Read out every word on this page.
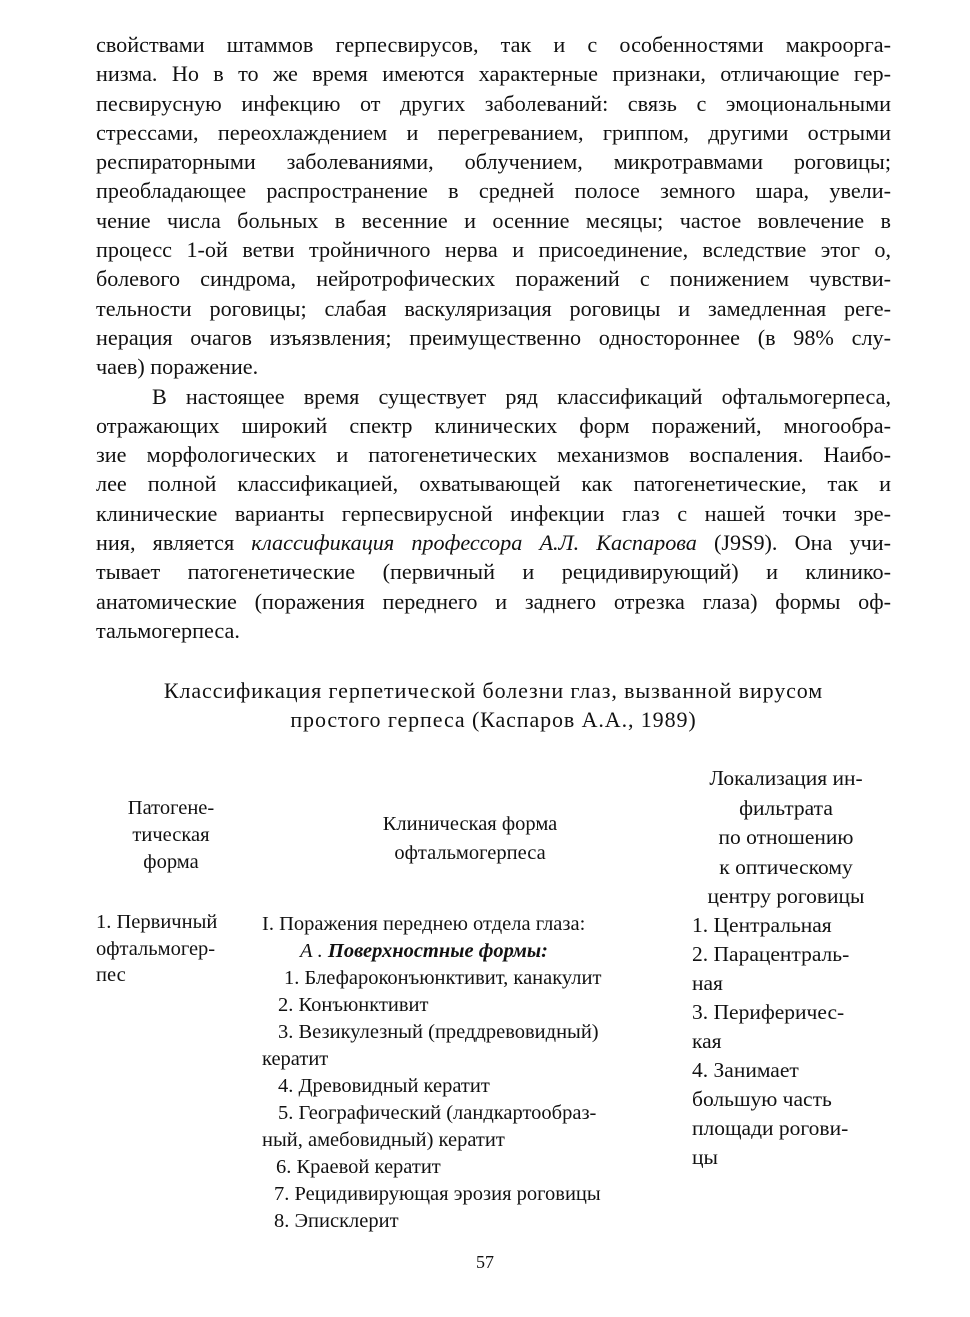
свойствами штаммов герпесвирусов, так и с особенностями макроорга-
низма. Но в то же время имеются характерные признаки, отличающие гер-
песвирусную инфекцию от других заболеваний: связь с эмоциональными
стрессами, переохлаждением и перегреванием, гриппом, другими острыми
респираторными заболеваниями, облучением, микротравмами роговицы;
преобладающее распространение в средней полосе земного шара, увели-
чение числа больных в весенние и осенние месяцы; частое вовлечение в
процесс 1-ой ветви тройничного нерва и присоединение, вследствие этог о,
болевого синдрома, нейротрофических поражений с понижением чувстви-
тельности роговицы; слабая васкуляризация роговицы и замедленная реге-
нерация очагов изъязвления; преимущественно одностороннее (в 98% слу-
чаев) поражение.

В настоящее время существует ряд классификаций офтальмогерпеса,
отражающих широкий спектр клинических форм поражений, многообра-
зие морфологических и патогенетических механизмов воспаления. Наибо-
лее полной классификацией, охватывающей как патогенетические, так и
клинические варианты герпесвирусной инфекции глаз с нашей точки зре-
ния, является классификация профессора А.Л. Каспарова (J9S9). Она учи-
тывает патогенетические (первичный и рецидивирующий) и клинико-
анатомические (поражения переднего и заднего отрезка глаза) формы оф-
тальмогерпеса.

Классификация герпетической болезни глаз, вызванной вирусом
простого герпеса (Каспаров А.А., 1989)
Патогене-
тическая
форма
Клиническая форма
офтальмогерпеса
Локализация ин-
фильтрата
по отношению
к оптическому
центру роговицы
1. Первичный
офтальмогер-
пес
I. Поражения переднею отдела глаза:
А . Поверхностные формы:
1. Блефароконъюнктивит, канакулит
2. Конъюнктивит
3. Везикулезный (преддревовидный)
кератит
4. Древовидный кератит
5. Географический (ландкартообраз-
ный, амебовидный) кератит
6. Краевой кератит
7. Рецидивирующая эрозия роговицы
8. Эписклерит
1. Центральная
2. Парацентраль-
ная
3. Периферичес-
кая
4. Занимает
большую часть
площади рогови-
цы
57
